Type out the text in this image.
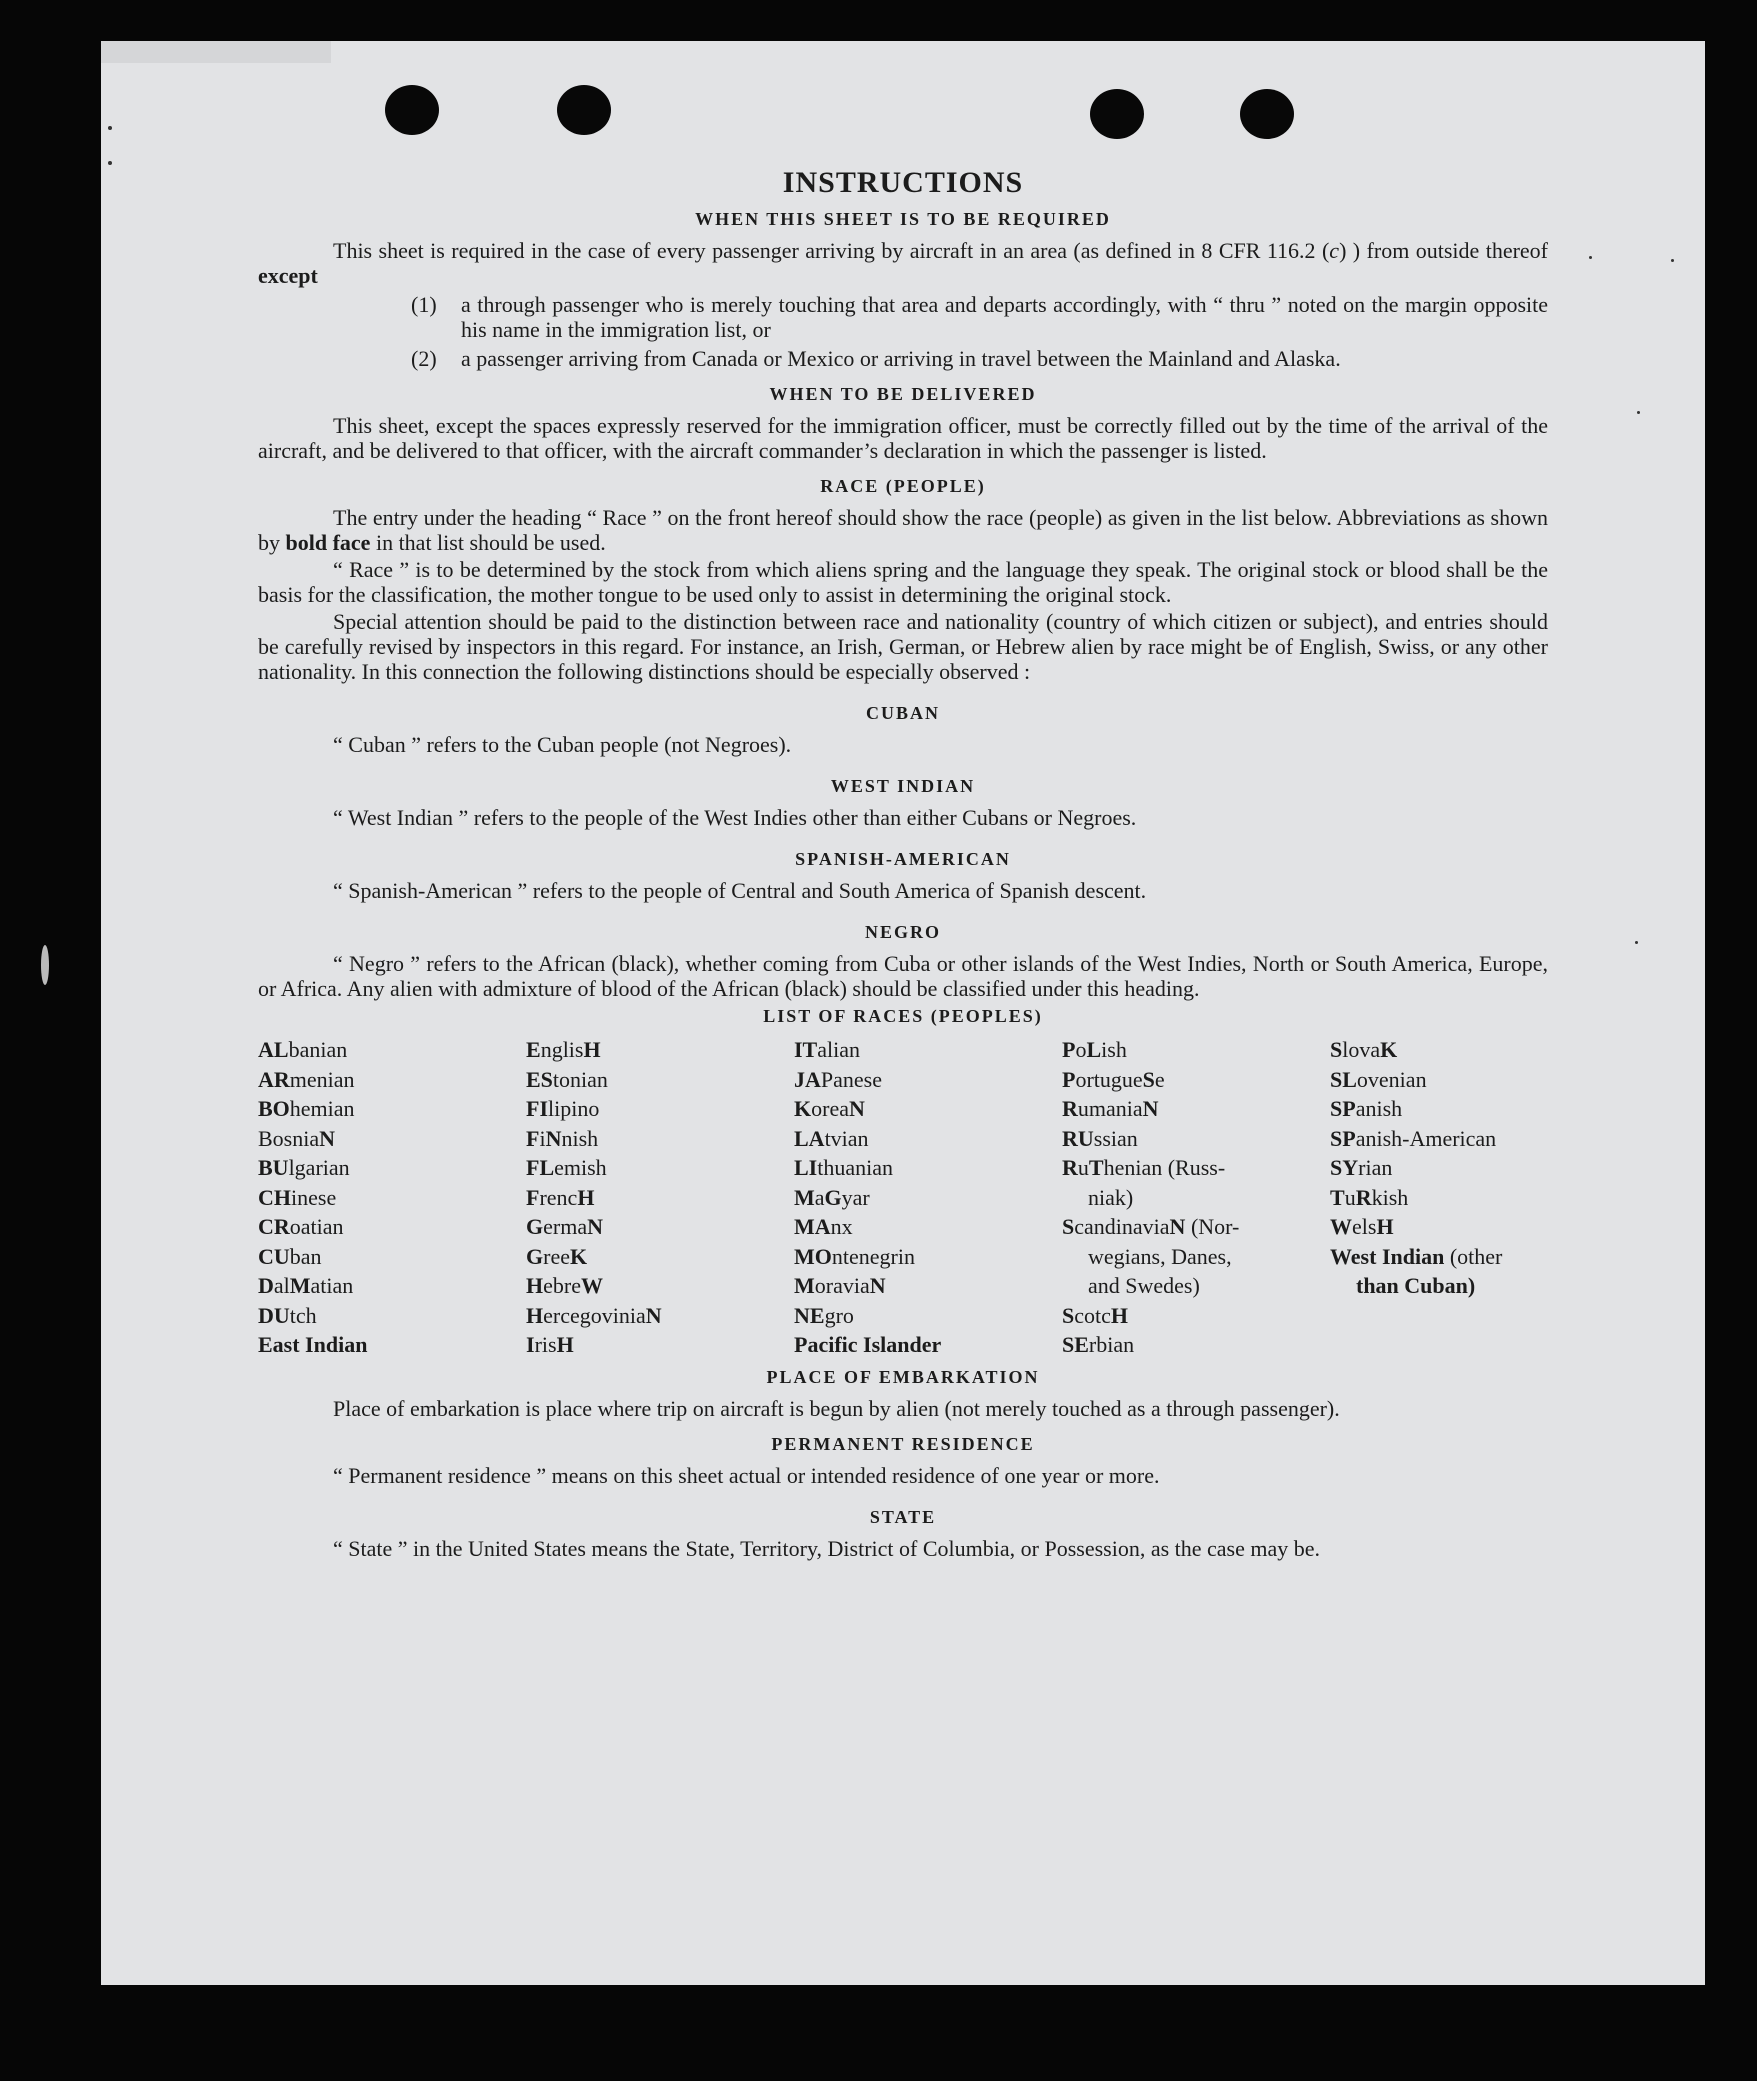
INSTRUCTIONS
WHEN THIS SHEET IS TO BE REQUIRED

This sheet is required in the case of every passenger arriving by aircraft in an area (as defined in 8 CFR 116.2 (c) ) from outside thereof except

(1)	a through passenger who is merely touching that area and departs accordingly, with “ thru ” noted on the margin opposite his name in the immigration list, or
(2)	a passenger arriving from Canada or Mexico or arriving in travel between the Mainland and Alaska.
WHEN TO BE DELIVERED

This sheet, except the spaces expressly reserved for the immigration officer, must be correctly filled out by the time of the arrival of the aircraft, and be delivered to that officer, with the aircraft commander’s declaration in which the passenger is listed.

RACE (PEOPLE)

The entry under the heading “ Race ” on the front hereof should show the race (people) as given in the list below. Abbreviations as shown by bold face in that list should be used.

“ Race ” is to be determined by the stock from which aliens spring and the language they speak. The original stock or blood shall be the basis for the classification, the mother tongue to be used only to assist in determining the original stock.

Special attention should be paid to the distinction between race and nationality (country of which citizen or subject), and entries should be carefully revised by inspectors in this regard. For instance, an Irish, German, or Hebrew alien by race might be of English, Swiss, or any other nationality. In this connection the following distinctions should be especially observed :

CUBAN

“ Cuban ” refers to the Cuban people (not Negroes).

WEST INDIAN

“ West Indian ” refers to the people of the West Indies other than either Cubans or Negroes.

SPANISH-AMERICAN

“ Spanish-American ” refers to the people of Central and South America of Spanish descent.

NEGRO

“ Negro ” refers to the African (black), whether coming from Cuba or other islands of the West Indies, North or South America, Europe, or Africa. Any alien with admixture of blood of the African (black) should be classified under this heading.

LIST OF RACES (PEOPLES)
ALbanian
ARmenian
BOhemian
BosniaN
BUlgarian
CHinese
CRoatian
CUban
DalMatian
DUtch
East Indian
EnglisH
EStonian
FIlipino
FiNnish
FLemish
FrencH
GermaN
GreeK
HebreW
HercegoviniaN
IrisH
ITalian
JAPanese
KoreaN
LAtvian
LIthuanian
MaGyar
MAnx
MOntenegrin
MoraviaN
NEgro
Pacific Islander
PoLish
PortugueSe
RumaniaN
RUssian
RuThenian (Russ-
niak)
ScandinaviaN (Nor-
wegians, Danes,
and Swedes)
ScotcH
SErbian
SlovaK
SLovenian
SPanish
SPanish-American
SYrian
TuRkish
WelsH
West Indian (other
than Cuban)
PLACE OF EMBARKATION

Place of embarkation is place where trip on aircraft is begun by alien (not merely touched as a through passenger).

PERMANENT RESIDENCE

“ Permanent residence ” means on this sheet actual or intended residence of one year or more.

STATE

“ State ” in the United States means the State, Territory, District of Columbia, or Possession, as the case may be.
